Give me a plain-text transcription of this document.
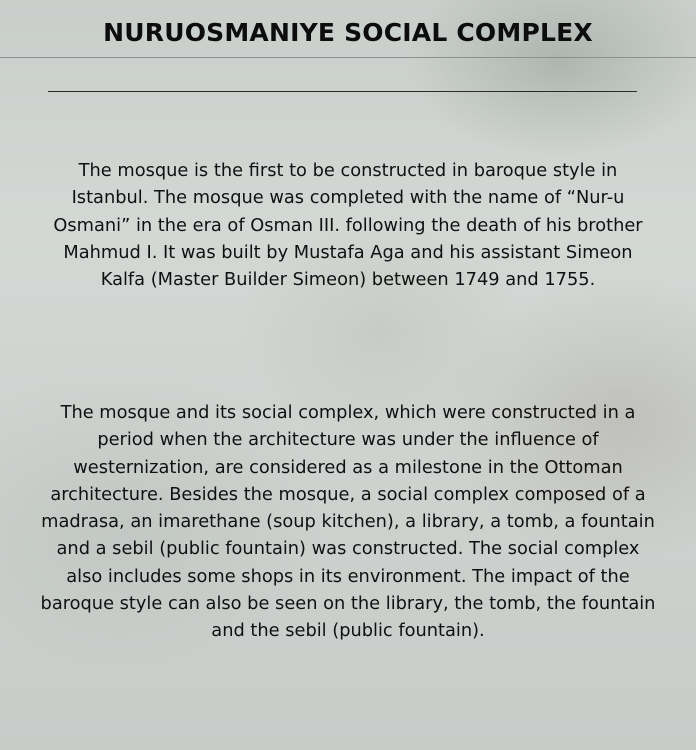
NURUOSMANIYE SOCIAL COMPLEX

The mosque is the first to be constructed in baroque style in Istanbul. The mosque was completed with the name of “Nur-u Osmani” in the era of Osman III. following the death of his brother Mahmud I. It was built by Mustafa Aga and his assistant Simeon Kalfa (Master Builder Simeon) between 1749 and 1755.

The mosque and its social complex, which were constructed in a period when the architecture was under the influence of westernization, are considered as a milestone in the Ottoman architecture. Besides the mosque, a social complex composed of a madrasa, an imarethane (soup kitchen), a library, a tomb, a fountain and a sebil (public fountain) was constructed. The social complex also includes some shops in its environment. The impact of the baroque style can also be seen on the library, the tomb, the fountain and the sebil (public fountain).
